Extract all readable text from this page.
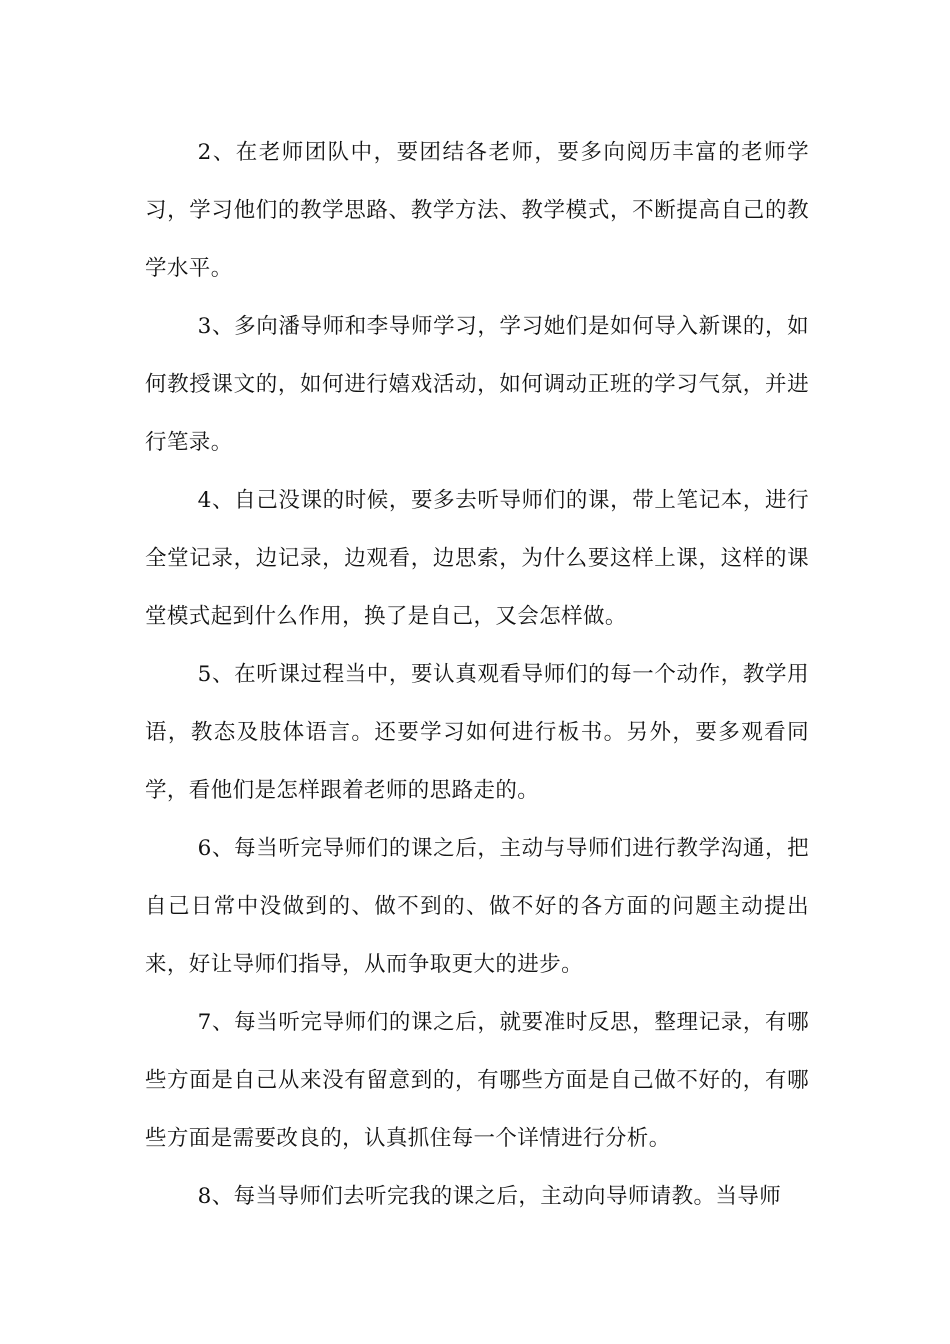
2、在老师团队中，要团结各老师，要多向阅历丰富的老师学习，学习他们的教学思路、教学方法、教学模式，不断提高自己的教学水平。

3、多向潘导师和李导师学习，学习她们是如何导入新课的，如何教授课文的，如何进行嬉戏活动，如何调动正班的学习气氛，并进行笔录。

4、自己没课的时候，要多去听导师们的课，带上笔记本，进行全堂记录，边记录，边观看，边思索，为什么要这样上课，这样的课堂模式起到什么作用，换了是自己，又会怎样做。

5、在听课过程当中，要认真观看导师们的每一个动作，教学用语，教态及肢体语言。还要学习如何进行板书。另外，要多观看同学，看他们是怎样跟着老师的思路走的。

6、每当听完导师们的课之后，主动与导师们进行教学沟通，把自己日常中没做到的、做不到的、做不好的各方面的问题主动提出来，好让导师们指导，从而争取更大的进步。

7、每当听完导师们的课之后，就要准时反思，整理记录，有哪些方面是自己从来没有留意到的，有哪些方面是自己做不好的，有哪些方面是需要改良的，认真抓住每一个详情进行分析。

8、每当导师们去听完我的课之后，主动向导师请教。当导师
